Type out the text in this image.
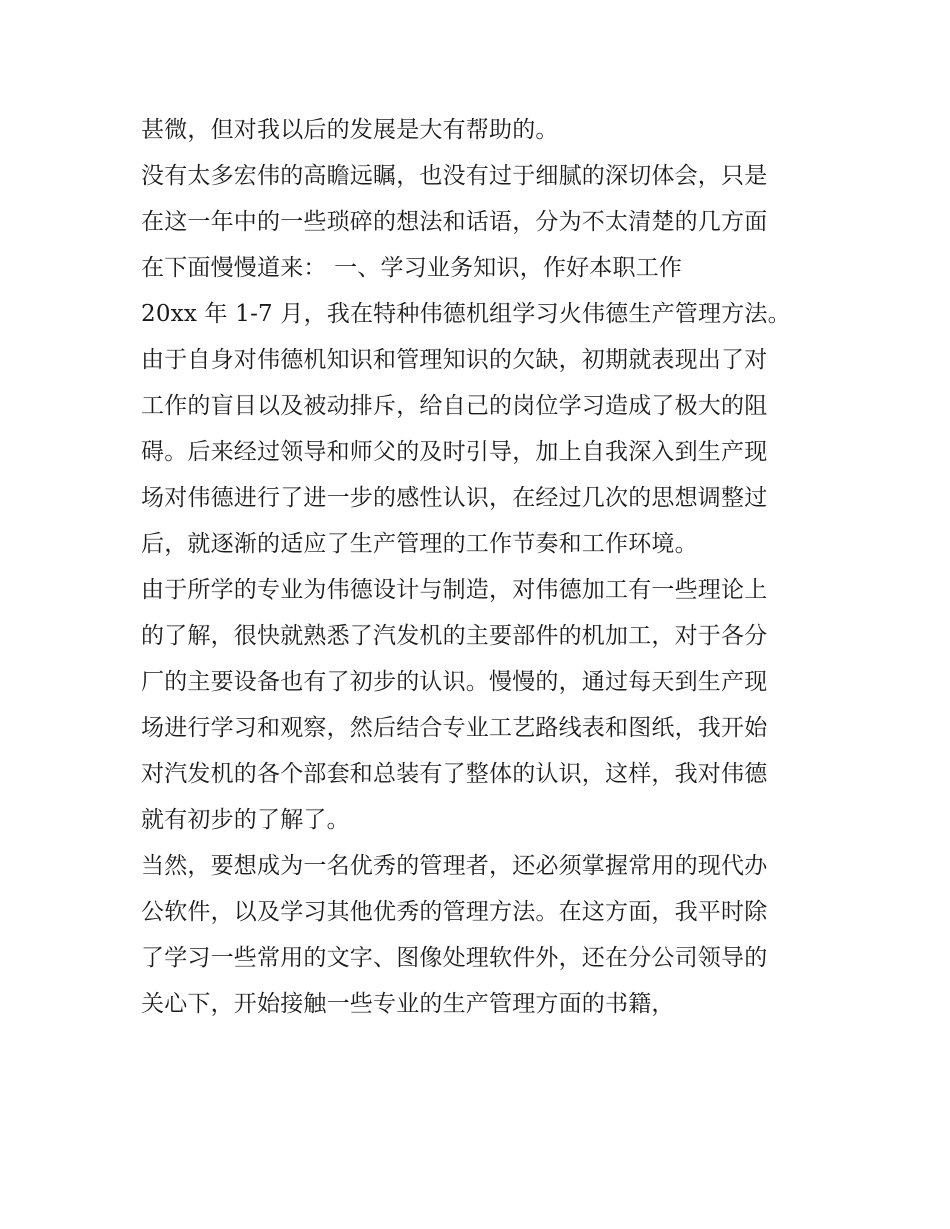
甚微，但对我以后的发展是大有帮助的。
没有太多宏伟的高瞻远瞩，也没有过于细腻的深切体会，只是
在这一年中的一些琐碎的想法和话语，分为不太清楚的几方面
在下面慢慢道来： 一、学习业务知识，作好本职工作
20xx 年 1-7 月，我在特种伟德机组学习火伟德生产管理方法。
由于自身对伟德机知识和管理知识的欠缺，初期就表现出了对
工作的盲目以及被动排斥，给自己的岗位学习造成了极大的阻
碍。后来经过领导和师父的及时引导，加上自我深入到生产现
场对伟德进行了进一步的感性认识，在经过几次的思想调整过
后，就逐渐的适应了生产管理的工作节奏和工作环境。
由于所学的专业为伟德设计与制造，对伟德加工有一些理论上
的了解，很快就熟悉了汽发机的主要部件的机加工，对于各分
厂的主要设备也有了初步的认识。慢慢的，通过每天到生产现
场进行学习和观察，然后结合专业工艺路线表和图纸，我开始
对汽发机的各个部套和总装有了整体的认识，这样，我对伟德
就有初步的了解了。
当然，要想成为一名优秀的管理者，还必须掌握常用的现代办
公软件，以及学习其他优秀的管理方法。在这方面，我平时除
了学习一些常用的文字、图像处理软件外，还在分公司领导的
关心下，开始接触一些专业的生产管理方面的书籍，
